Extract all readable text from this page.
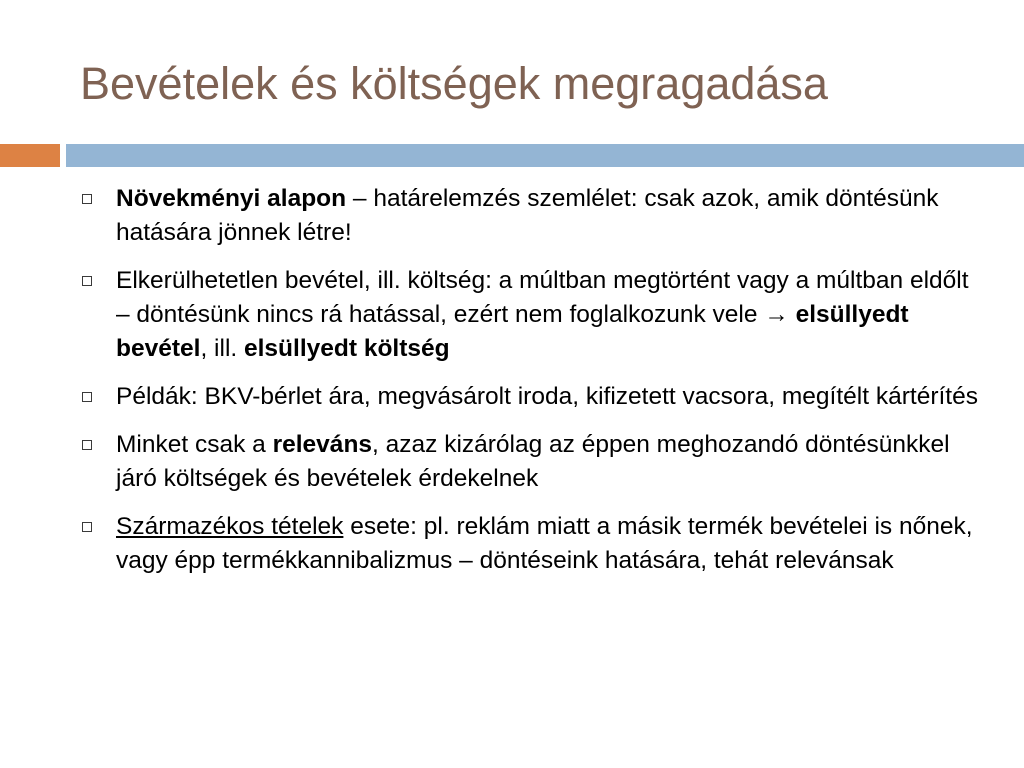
Bevételek és költségek megragadása
Növekményi alapon – határelemzés szemlélet: csak azok, amik döntésünk hatására jönnek létre!
Elkerülhetetlen bevétel, ill. költség: a múltban megtörtént vagy a múltban eldőlt – döntésünk nincs rá hatással, ezért nem foglalkozunk vele → elsüllyedt bevétel, ill. elsüllyedt költség
Példák: BKV-bérlet ára, megvásárolt iroda, kifizetett vacsora, megítélt kártérítés
Minket csak a releváns, azaz kizárólag az éppen meghozandó döntésünkkel járó költségek és bevételek érdekelnek
Származékos tételek esete: pl. reklám miatt a másik termék bevételei is nőnek, vagy épp termékkannibalizmus – döntéseink hatására, tehát relevánsak
